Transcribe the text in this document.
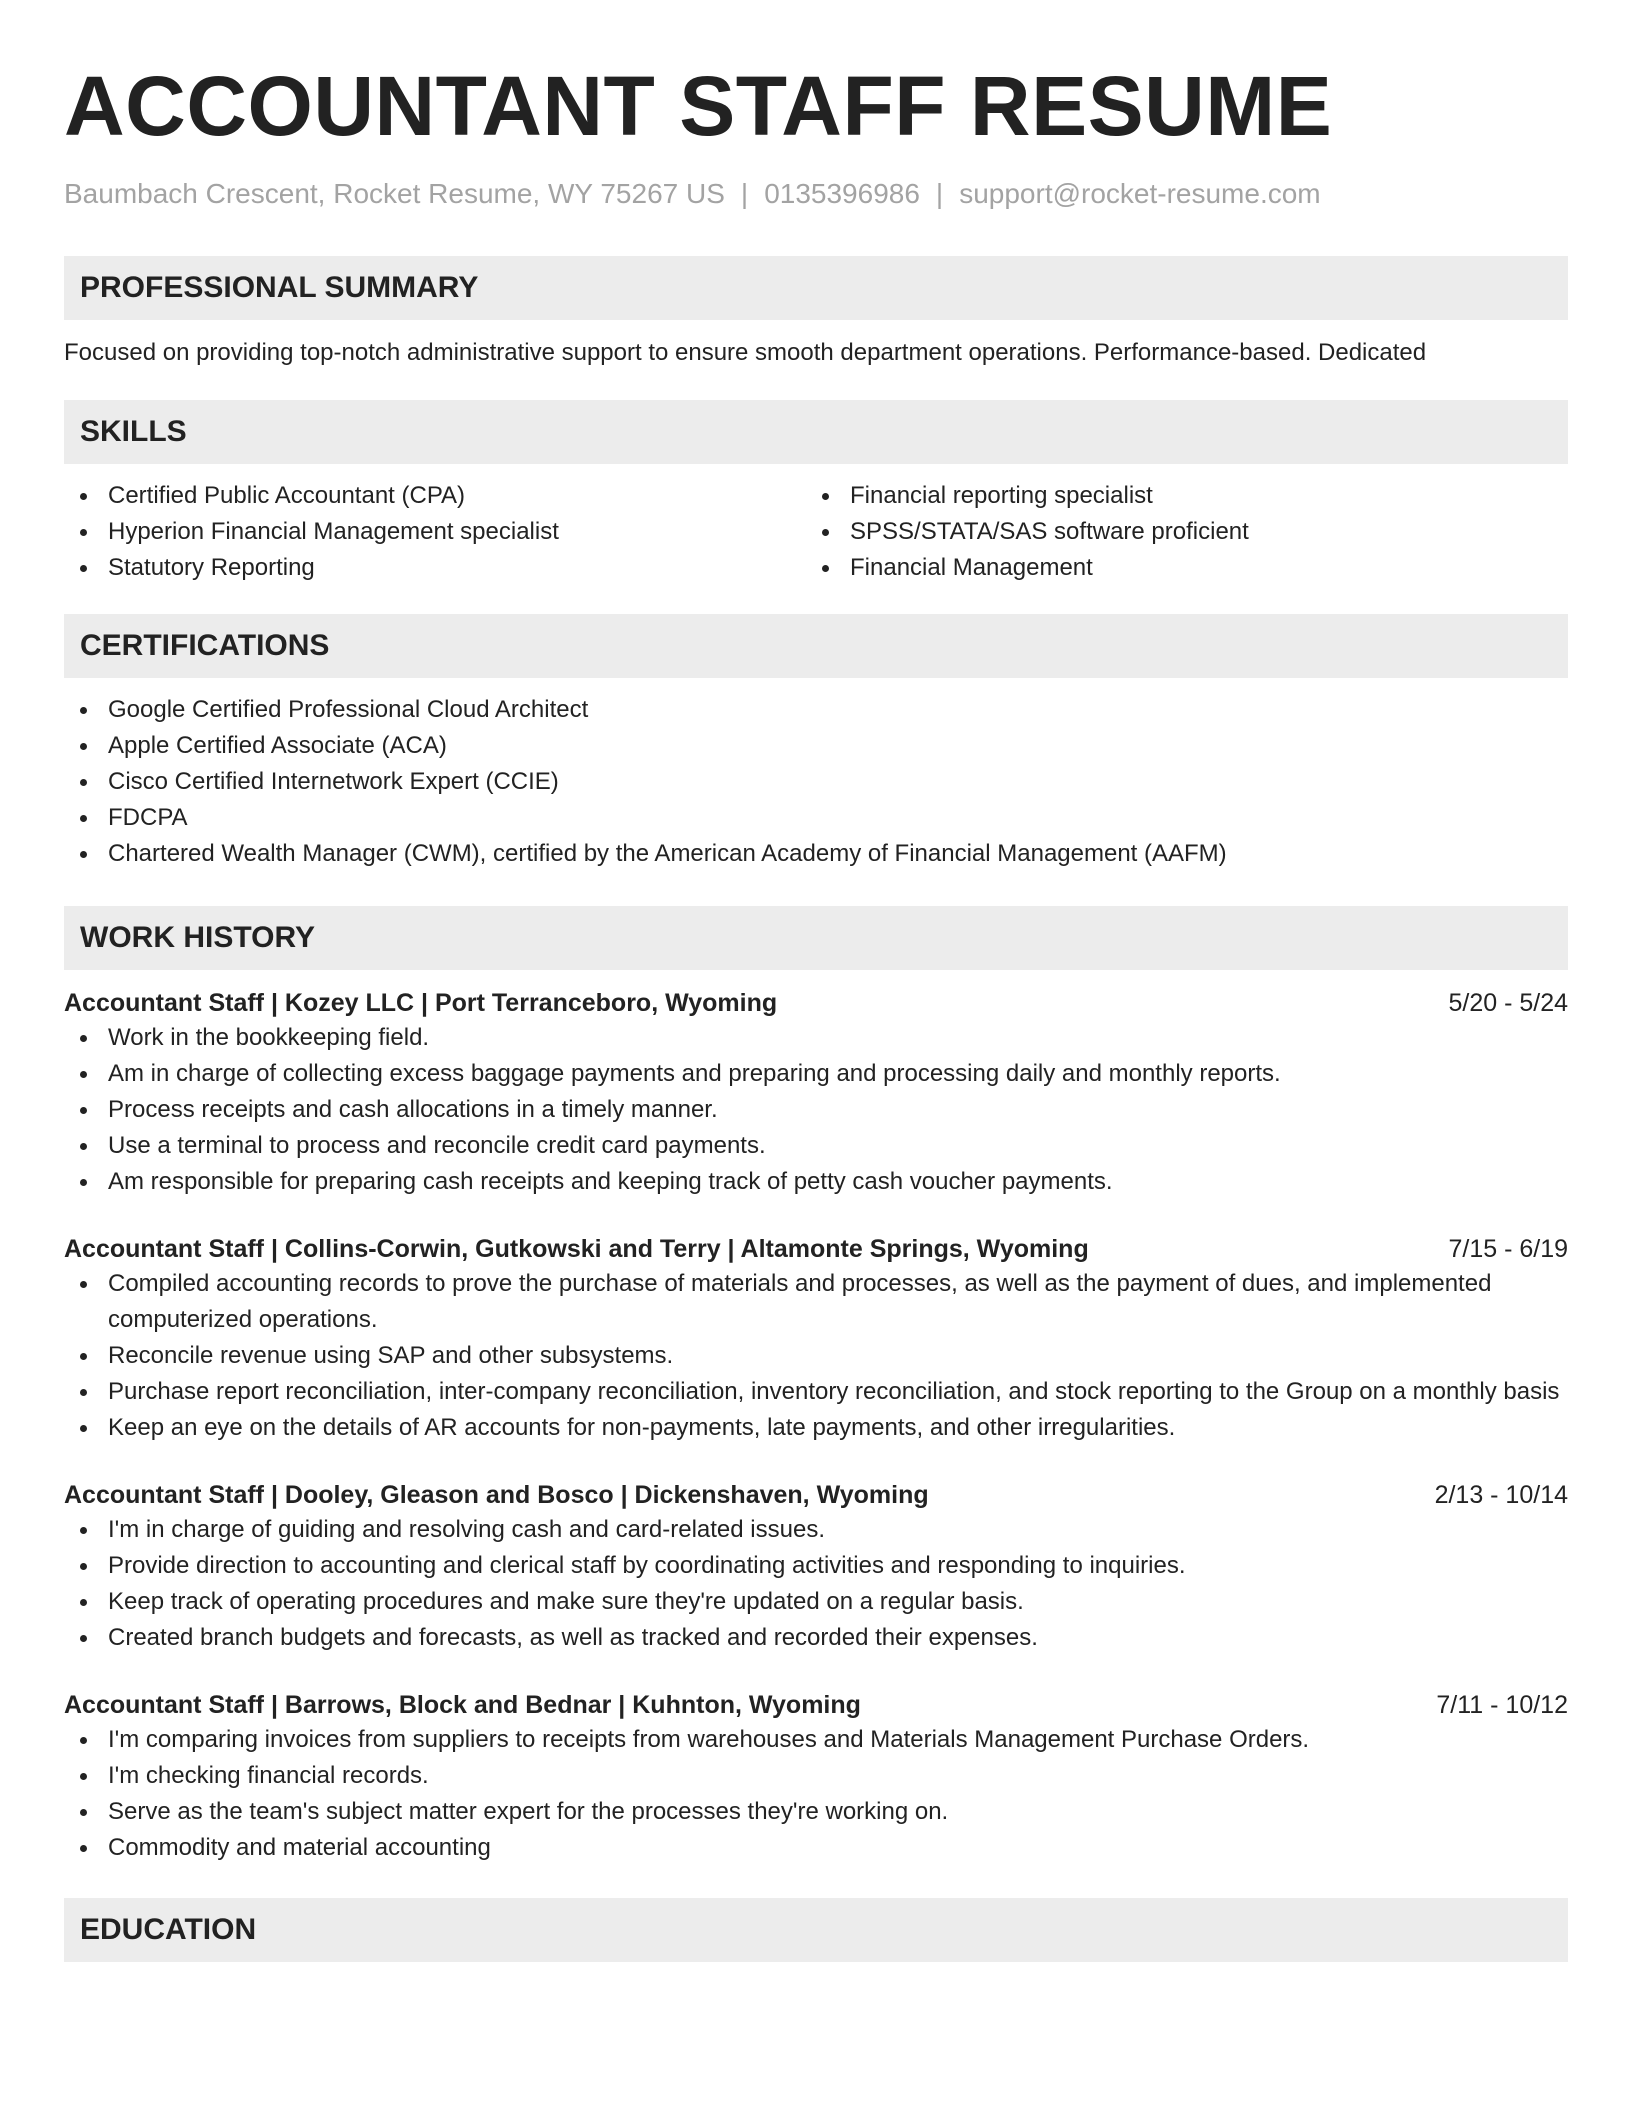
ACCOUNTANT STAFF RESUME
Baumbach Crescent, Rocket Resume, WY 75267 US | 0135396986 | support@rocket-resume.com
PROFESSIONAL SUMMARY

Focused on providing top-notch administrative support to ensure smooth department operations. Performance-based. Dedicated

SKILLS
Certified Public Accountant (CPA)
Hyperion Financial Management specialist
Statutory Reporting
Financial reporting specialist
SPSS/STATA/SAS software proficient
Financial Management
CERTIFICATIONS
Google Certified Professional Cloud Architect
Apple Certified Associate (ACA)
Cisco Certified Internetwork Expert (CCIE)
FDCPA
Chartered Wealth Manager (CWM), certified by the American Academy of Financial Management (AAFM)
WORK HISTORY
Accountant Staff | Kozey LLC | Port Terranceboro, Wyoming	5/20 - 5/24
Work in the bookkeeping field.
Am in charge of collecting excess baggage payments and preparing and processing daily and monthly reports.
Process receipts and cash allocations in a timely manner.
Use a terminal to process and reconcile credit card payments.
Am responsible for preparing cash receipts and keeping track of petty cash voucher payments.
Accountant Staff | Collins-Corwin, Gutkowski and Terry | Altamonte Springs, Wyoming	7/15 - 6/19
Compiled accounting records to prove the purchase of materials and processes, as well as the payment of dues, and implemented computerized operations.
Reconcile revenue using SAP and other subsystems.
Purchase report reconciliation, inter-company reconciliation, inventory reconciliation, and stock reporting to the Group on a monthly basis
Keep an eye on the details of AR accounts for non-payments, late payments, and other irregularities.
Accountant Staff | Dooley, Gleason and Bosco | Dickenshaven, Wyoming	2/13 - 10/14
I'm in charge of guiding and resolving cash and card-related issues.
Provide direction to accounting and clerical staff by coordinating activities and responding to inquiries.
Keep track of operating procedures and make sure they're updated on a regular basis.
Created branch budgets and forecasts, as well as tracked and recorded their expenses.
Accountant Staff | Barrows, Block and Bednar | Kuhnton, Wyoming	7/11 - 10/12
I'm comparing invoices from suppliers to receipts from warehouses and Materials Management Purchase Orders.
I'm checking financial records.
Serve as the team's subject matter expert for the processes they're working on.
Commodity and material accounting
EDUCATION
